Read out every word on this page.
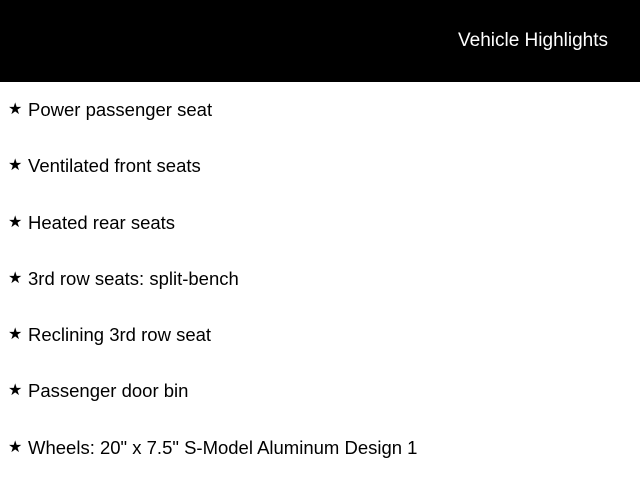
Vehicle Highlights
★ Power passenger seat
★ Ventilated front seats
★ Heated rear seats
★ 3rd row seats: split-bench
★ Reclining 3rd row seat
★ Passenger door bin
★ Wheels: 20" x 7.5" S-Model Aluminum Design 1
